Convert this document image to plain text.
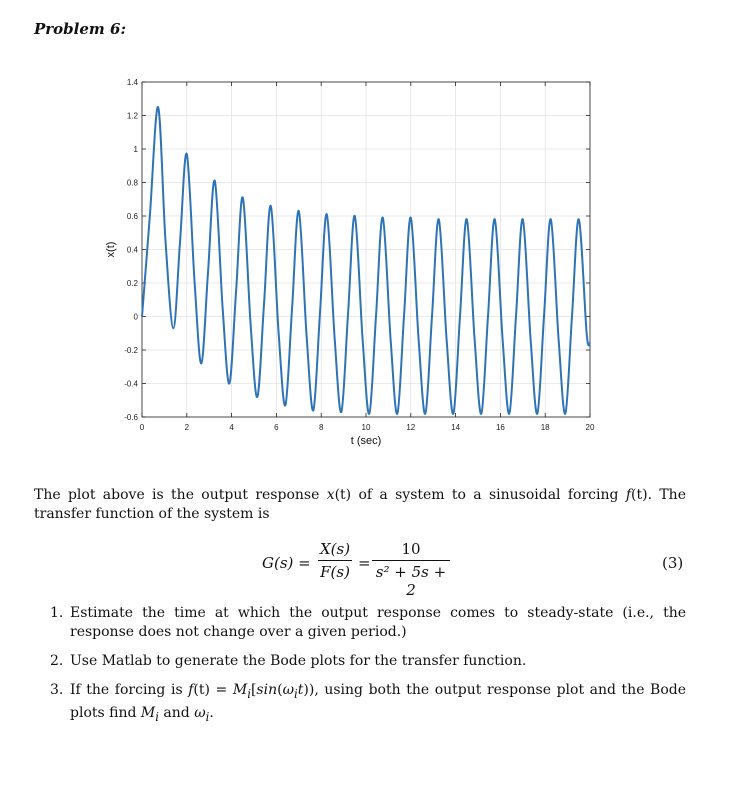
Problem 6:
0	2	4	6	8	10	12	14	16	18	20
-0.6
-0.4
-0.2
0
0.2
0.4
0.6
0.8
1
1.2
1.4
t (sec)
x(t)
The plot above is the output response x(t) of a system to a sinusoidal forcing f(t). The transfer function of the system is
$G(s) = \frac{X(s)}{F(s)} = \frac{10}{\text{s² + 5s + 2}}$	(3)
1. Estimate the time at which the output response comes to steady-state (i.e., the response does not change over a given period.)
2. Use Matlab to generate the Bode plots for the transfer function.
3. If the forcing is $f(t) = M_i[\sin(\omega_it))$, using both the output response plot and the Bode plots find $M_i$ and $\omega_i$.
